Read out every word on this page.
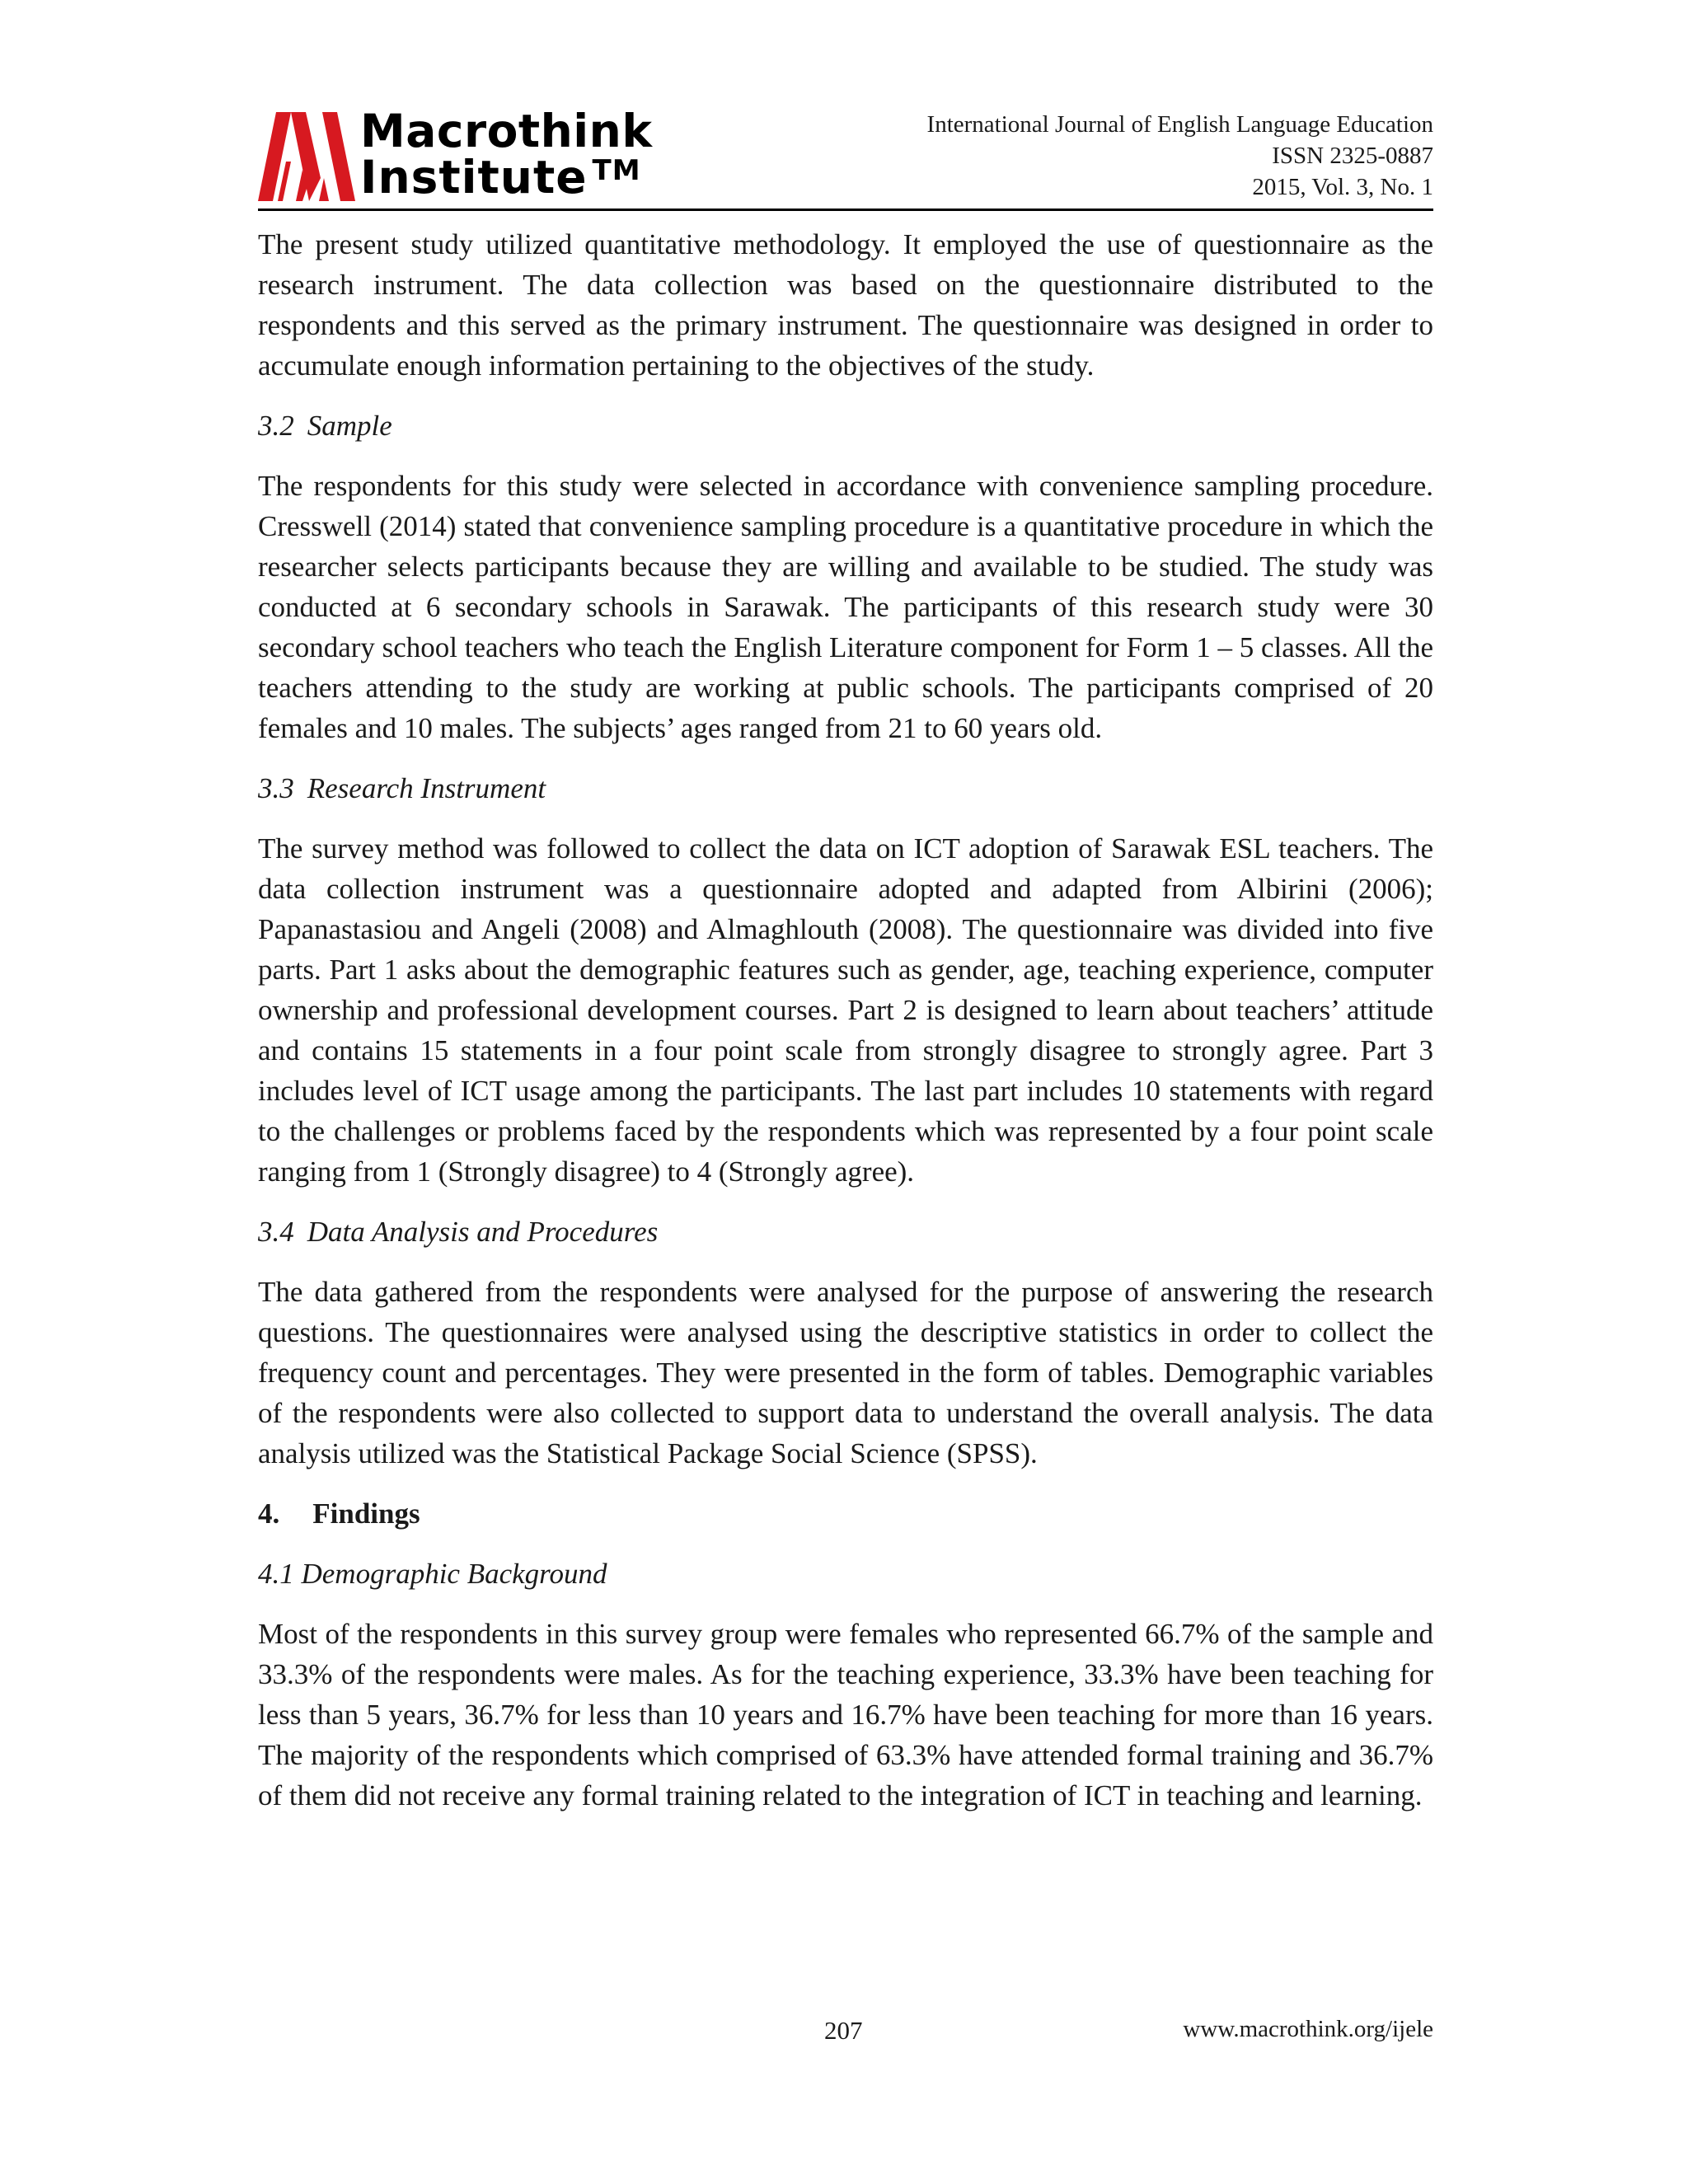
Macrothink
Institute ™
International Journal of English Language Education
ISSN 2325-0887
2015, Vol. 3, No. 1

The present study utilized quantitative methodology. It employed the use of questionnaire as the research instrument. The data collection was based on the questionnaire distributed to the respondents and this served as the primary instrument. The questionnaire was designed in order to accumulate enough information pertaining to the objectives of the study.

3.2 Sample

The respondents for this study were selected in accordance with convenience sampling procedure. Cresswell (2014) stated that convenience sampling procedure is a quantitative procedure in which the researcher selects participants because they are willing and available to be studied. The study was conducted at 6 secondary schools in Sarawak. The participants of this research study were 30 secondary school teachers who teach the English Literature component for Form 1 – 5 classes. All the teachers attending to the study are working at public schools. The participants comprised of 20 females and 10 males. The subjects’ ages ranged from 21 to 60 years old.

3.3 Research Instrument

The survey method was followed to collect the data on ICT adoption of Sarawak ESL teachers. The data collection instrument was a questionnaire adopted and adapted from Albirini (2006); Papanastasiou and Angeli (2008) and Almaghlouth (2008). The questionnaire was divided into five parts. Part 1 asks about the demographic features such as gender, age, teaching experience, computer ownership and professional development courses. Part 2 is designed to learn about teachers’ attitude and contains 15 statements in a four point scale from strongly disagree to strongly agree. Part 3 includes level of ICT usage among the participants. The last part includes 10 statements with regard to the challenges or problems faced by the respondents which was represented by a four point scale ranging from 1 (Strongly disagree) to 4 (Strongly agree).

3.4 Data Analysis and Procedures

The data gathered from the respondents were analysed for the purpose of answering the research questions. The questionnaires were analysed using the descriptive statistics in order to collect the frequency count and percentages. They were presented in the form of tables. Demographic variables of the respondents were also collected to support data to understand the overall analysis. The data analysis utilized was the Statistical Package Social Science (SPSS).

4. Findings
4.1 Demographic Background

Most of the respondents in this survey group were females who represented 66.7% of the sample and 33.3% of the respondents were males. As for the teaching experience, 33.3% have been teaching for less than 5 years, 36.7% for less than 10 years and 16.7% have been teaching for more than 16 years. The majority of the respondents which comprised of 63.3% have attended formal training and 36.7% of them did not receive any formal training related to the integration of ICT in teaching and learning.

207	www.macrothink.org/ijele
